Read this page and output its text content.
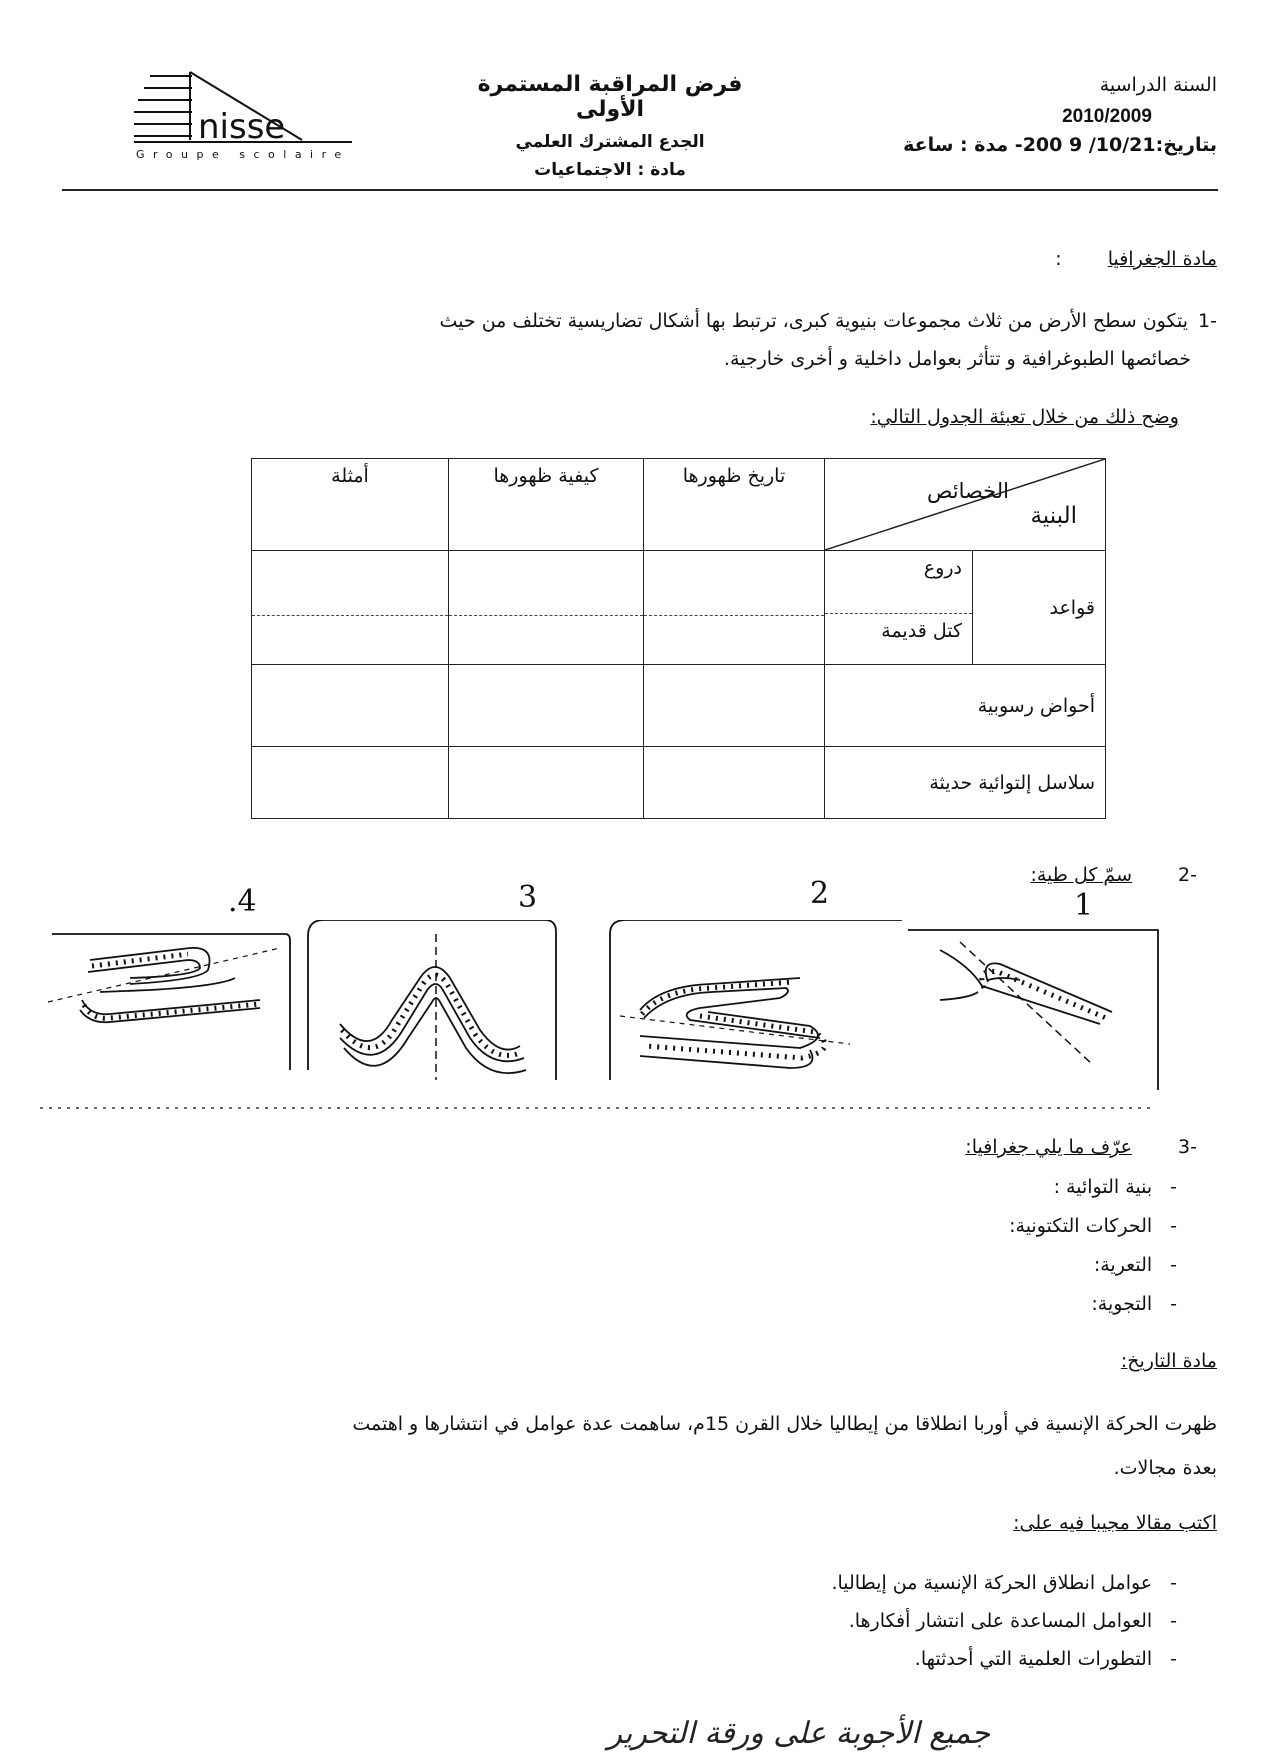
nisse
Groupe scolaire
فرض المراقبة المستمرة الأولى
الجدع المشترك العلمي
مادة : الاجتماعيات
السنة الدراسية
2010/2009
بتاريخ:10/21/ 9 200- مدة : ساعة
مادة الجغرافيا :
-1 يتكون سطح الأرض من ثلاث مجموعات بنيوية كبرى، ترتبط بها أشكال تضاريسية تختلف من حيث
خصائصها الطبوغرافية و تتأثر بعوامل داخلية و أخرى خارجية.
وضح ذلك من خلال تعبئة الجدول التالي:
الخصائص
البنية
	تاريخ ظهورها	كيفية ظهورها	أمثلة

قواعد	دروع
كتل قديمة

أحواض رسوبية			
سلاسل إلتوائية حديثة			
-2 سمّ كل طية:
1
2
3
.4
-3 عرّف ما يلي جغرافيا:
-بنية التوائية :
-الحركات التكتونية:
-التعرية:
-التجوية:
مادة التاريخ:
ظهرت الحركة الإنسية في أوربا انطلاقا من إيطاليا خلال القرن 15م، ساهمت عدة عوامل في انتشارها و اهتمت
بعدة مجالات.
اكتب مقالا مجيبا فيه على:
-عوامل انطلاق الحركة الإنسية من إيطاليا.
-العوامل المساعدة على انتشار أفكارها.
-التطورات العلمية التي أحدثتها.
جميع الأجوبة على ورقة التحرير
